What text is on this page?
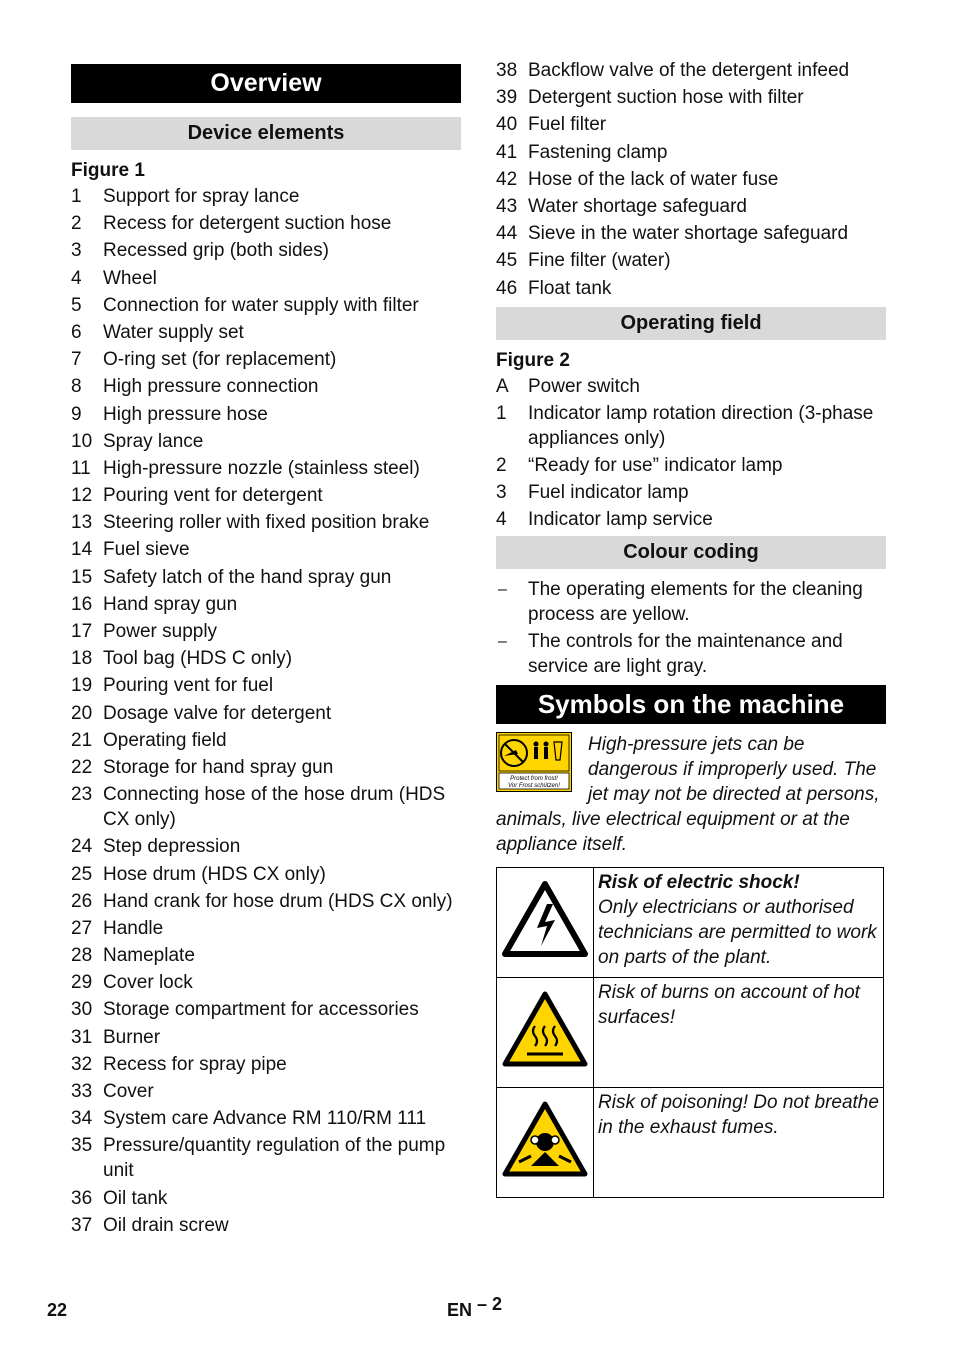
Overview
Device elements
Figure 1
1	Support for spray lance
2	Recess for detergent suction hose
3	Recessed grip (both sides)
4	Wheel
5	Connection for water supply with filter
6	Water supply set
7	O-ring set (for replacement)
8	High pressure connection
9	High pressure hose
10 Spray lance
11 High-pressure nozzle (stainless steel)
12 Pouring vent for detergent
13 Steering roller with fixed position brake
14 Fuel sieve
15 Safety latch of the hand spray gun
16 Hand spray gun
17 Power supply
18 Tool bag (HDS C only)
19 Pouring vent for fuel
20 Dosage valve for detergent
21 Operating field
22 Storage for hand spray gun
23 Connecting hose of the hose drum (HDS CX only)
24 Step depression
25 Hose drum (HDS CX only)
26 Hand crank for hose drum (HDS CX only)
27 Handle
28 Nameplate
29 Cover lock
30 Storage compartment for accessories
31 Burner
32 Recess for spray pipe
33 Cover
34 System care Advance RM 110/RM 111
35 Pressure/quantity regulation of the pump unit
36 Oil tank
37 Oil drain screw
38 Backflow valve of the detergent infeed
39 Detergent suction hose with filter
40 Fuel filter
41 Fastening clamp
42 Hose of the lack of water fuse
43 Water shortage safeguard
44 Sieve in the water shortage safeguard
45 Fine filter (water)
46 Float tank
Operating field
Figure 2
A	Power switch
1	Indicator lamp rotation direction (3-phase appliances only)
2	“Ready for use” indicator lamp
3	Fuel indicator lamp
4	Indicator lamp service
Colour coding
–	The operating elements for the cleaning process are yellow.
–	The controls for the maintenance and service are light gray.
Symbols on the machine
Protect from frost!
Vor Frost schützen!
High-pressure jets can be dangerous if improperly used. The jet may not be directed at persons, animals, live electrical equipment or at the appliance itself.

Risk of electric shock!
Only electricians or authorised technicians are permitted to work on parts of the plant.

Risk of burns on account of hot surfaces!

Risk of poisoning! Do not breathe in the exhaust fumes.
22	EN – 2
